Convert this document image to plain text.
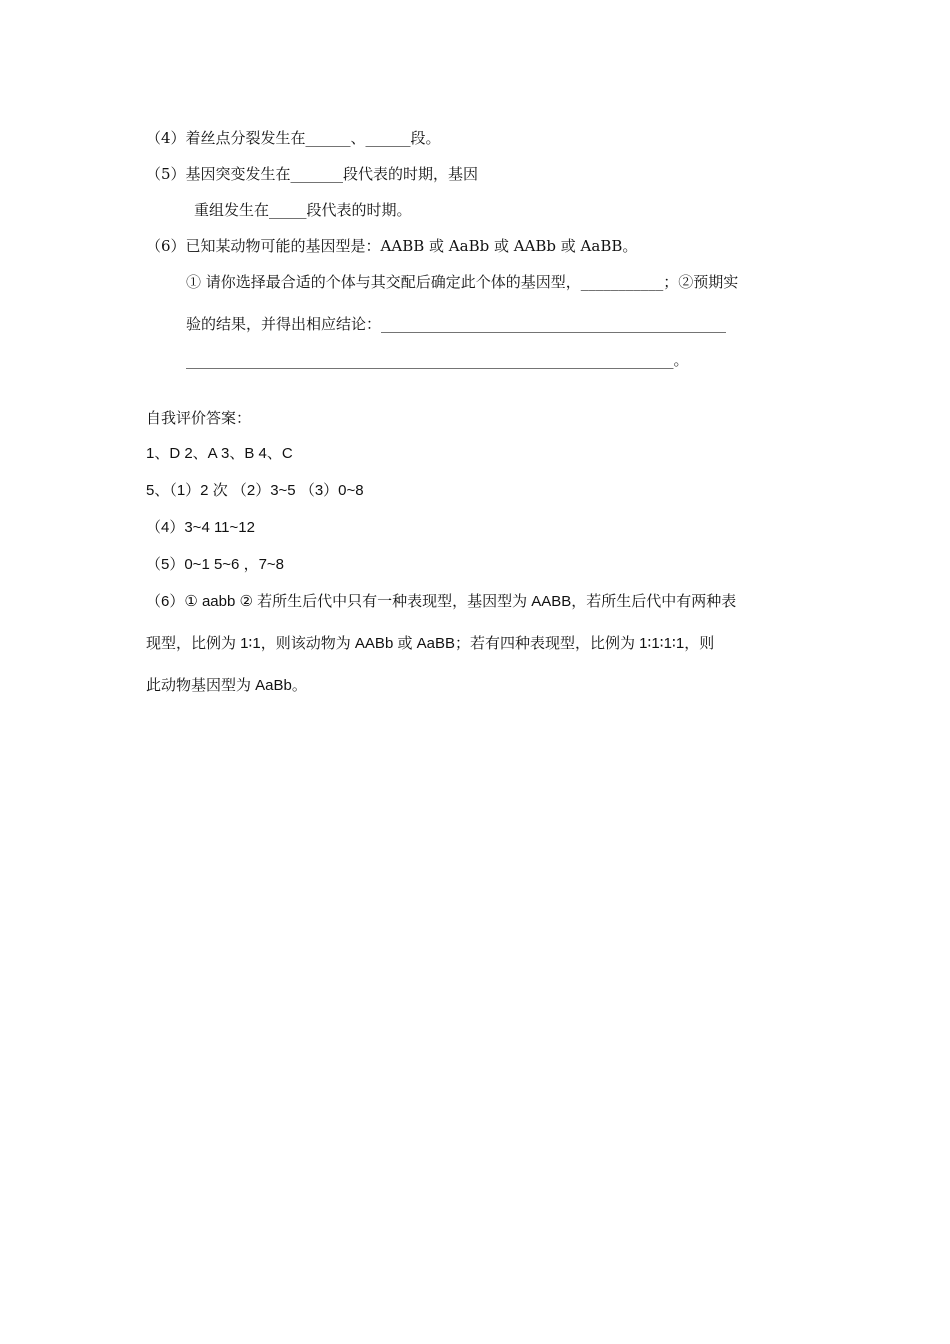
（4）着丝点分裂发生在______、______段。
（5）基因突变发生在_______段代表的时期，基因
重组发生在_____段代表的时期。
（6）已知某动物可能的基因型是：AABB 或 AaBb 或 AABb 或 AaBB。
① 请你选择最合适的个体与其交配后确定此个体的基因型，___________；②预期实
验的结果，并得出相应结论：______________________________________________
_________________________________________________________________。
自我评价答案：
1、D 2、A 3、B 4、C
5、（1）2 次 （2）3~5 （3）0~8
（4）3~4 11~12
（5）0~1 5~6 ，7~8
（6）① aabb ② 若所生后代中只有一种表现型，基因型为 AABB，若所生后代中有两种表
现型，比例为 1∶1，则该动物为 AABb 或 AaBB；若有四种表现型，比例为 1∶1∶1∶1，则
此动物基因型为 AaBb。
